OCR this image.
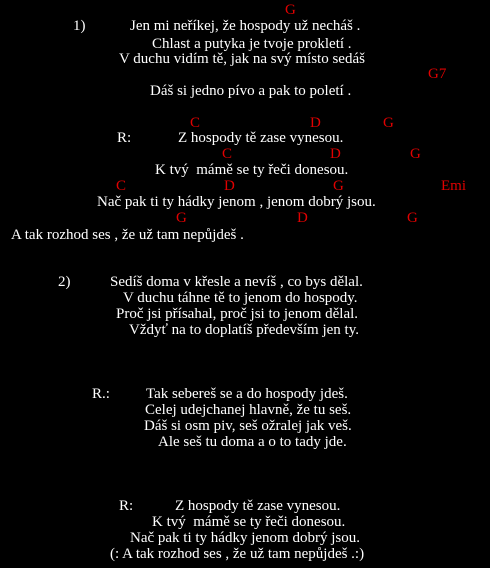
G
1)	Jen mi neříkej, že hospody už necháš .
Chlast a putyka je tvoje prokletí .
V duchu vidím tě, jak na svý místo sedáš
G7
Dáš si jedno pívo a pak to poletí .
C	D	G
R:	Z hospody tě zase vynesou.
C	D	G
K tvý  mámě se ty řeči donesou.
C	D	G	Emi
Nač pak ti ty hádky jenom , jenom dobrý jsou.
G	D	G
A tak rozhod ses , že už tam nepůjdeš .
2)	Sedíš doma v křesle a nevíš , co bys dělal.
V duchu táhne tě to jenom do hospody.
Proč jsi přísahal, proč jsi to jenom dělal.
Vždyť na to doplatíš především jen ty.
R.: Tak sebereš se a do hospody jdeš.
Celej udejchanej hlavně, že tu seš.
Dáš si osm piv, seš ožralej jak veš.
Ale seš tu doma a o to tady jde.
R:	Z hospody tě zase vynesou.
K tvý  mámě se ty řeči donesou.
Nač pak ti ty hádky jenom dobrý jsou.
(: A tak rozhod ses , že už tam nepůjdeš .:)
